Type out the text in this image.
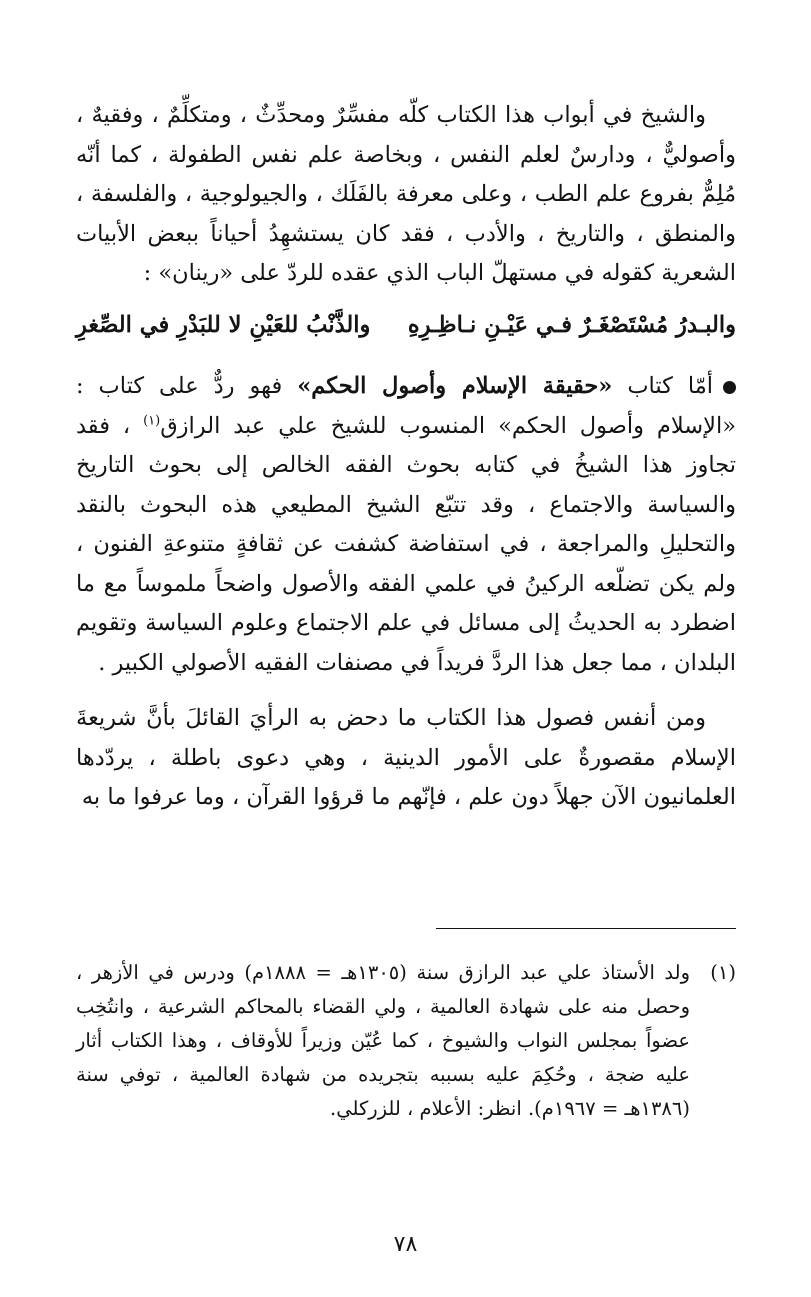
والشيخ في أبواب هذا الكتاب كلّه مفسِّرٌ ومحدِّثٌ ، ومتكلِّمٌ ، وفقيهٌ ، وأصوليٌّ ، ودارسٌ لعلم النفس ، وبخاصة علم نفس الطفولة ، كما أنّه مُلِمٌّ بفروع علم الطب ، وعلى معرفة بالفَلَك ، والجيولوجية ، والفلسفة ، والمنطق ، والتاريخ ، والأدب ، فقد كان يستشهِدُ أحياناً ببعض الأبيات الشعرية كقوله في مستهلّ الباب الذي عقده للردّ على «رينان» :

والبـدرُ مُسْتَصْغَـرٌ فـي عَيْـنِ نـاظِـرِهِ
والذَّنْبُ للعَيْنِ لا للبَدْرِ في الصِّغرِ

أمّا كتاب «حقيقة الإسلام وأصول الحكم» فهو ردٌّ على كتاب : «الإسلام وأصول الحكم» المنسوب للشيخ علي عبد الرازق$^{(١)}$ ، فقد تجاوز هذا الشيخُ في كتابه بحوث الفقه الخالص إلى بحوث التاريخ والسياسة والاجتماع ، وقد تتبّع الشيخ المطيعي هذه البحوث بالنقد والتحليلِ والمراجعة ، في استفاضة كشفت عن ثقافةٍ متنوعةِ الفنون ، ولم يكن تضلّعه الركينُ في علمي الفقه والأصول واضحاً ملموساً مع ما اضطرد به الحديثُ إلى مسائل في علم الاجتماع وعلوم السياسة وتقويم البلدان ، مما جعل هذا الردَّ فريداً في مصنفات الفقيه الأصولي الكبير .

ومن أنفس فصول هذا الكتاب ما دحض به الرأيَ القائلَ بأنَّ شريعةَ الإسلام مقصورةٌ على الأمور الدينية ، وهي دعوى باطلة ، يردّدها العلمانيون الآن جهلاً دون علم ، فإنّهم ما قرؤوا القرآن ، وما عرفوا ما به

(١)
ولد الأستاذ علي عبد الرازق سنة (١٣٠٥هـ = ١٨٨٨م) ودرس في الأزهر ، وحصل منه على شهادة العالمية ، ولي القضاء بالمحاكم الشرعية ، وانتُخِب عضواً بمجلس النواب والشيوخ ، كما عُيّن وزيراً للأوقاف ، وهذا الكتاب أثار عليه ضجة ، وحُكِمَ عليه بسببه بتجريده من شهادة العالمية ، توفي سنة (١٣٨٦هـ = ١٩٦٧م). انظر: الأعلام ، للزركلي.
٧٨
